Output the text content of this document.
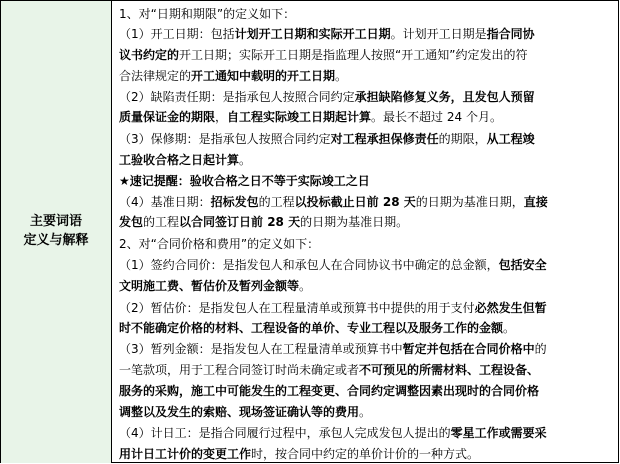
主要词语
定义与解释
1、对“日期和期限”的定义如下：
（1）开工日期：包括计划开工日期和实际开工日期。计划开工日期是指合同协
议书约定的开工日期；实际开工日期是指监理人按照“开工通知”约定发出的符
合法律规定的开工通知中载明的开工日期。
（2）缺陷责任期：是指承包人按照合同约定承担缺陷修复义务，且发包人预留
质量保证金的期限，自工程实际竣工日期起计算。最长不超过 24 个月。
（3）保修期：是指承包人按照合同约定对工程承担保修责任的期限，从工程竣
工验收合格之日起计算。
★速记提醒：验收合格之日不等于实际竣工之日
（4）基准日期：招标发包的工程以投标截止日前 28 天的日期为基准日期，直接
发包的工程以合同签订日前 28 天的日期为基准日期。
2、对“合同价格和费用”的定义如下：
（1）签约合同价：是指发包人和承包人在合同协议书中确定的总金额，包括安全
文明施工费、暂估价及暂列金额等。
（2）暂估价：是指发包人在工程量清单或预算书中提供的用于支付必然发生但暂
时不能确定价格的材料、工程设备的单价、专业工程以及服务工作的金额。
（3）暂列金额：是指发包人在工程量清单或预算书中暂定并包括在合同价格中的
一笔款项，用于工程合同签订时尚未确定或者不可预见的所需材料、工程设备、
服务的采购，施工中可能发生的工程变更、合同约定调整因素出现时的合同价格
调整以及发生的索赔、现场签证确认等的费用。
（4）计日工：是指合同履行过程中，承包人完成发包人提出的零星工作或需要采
用计日工计价的变更工作时，按合同中约定的单价计价的一种方式。
